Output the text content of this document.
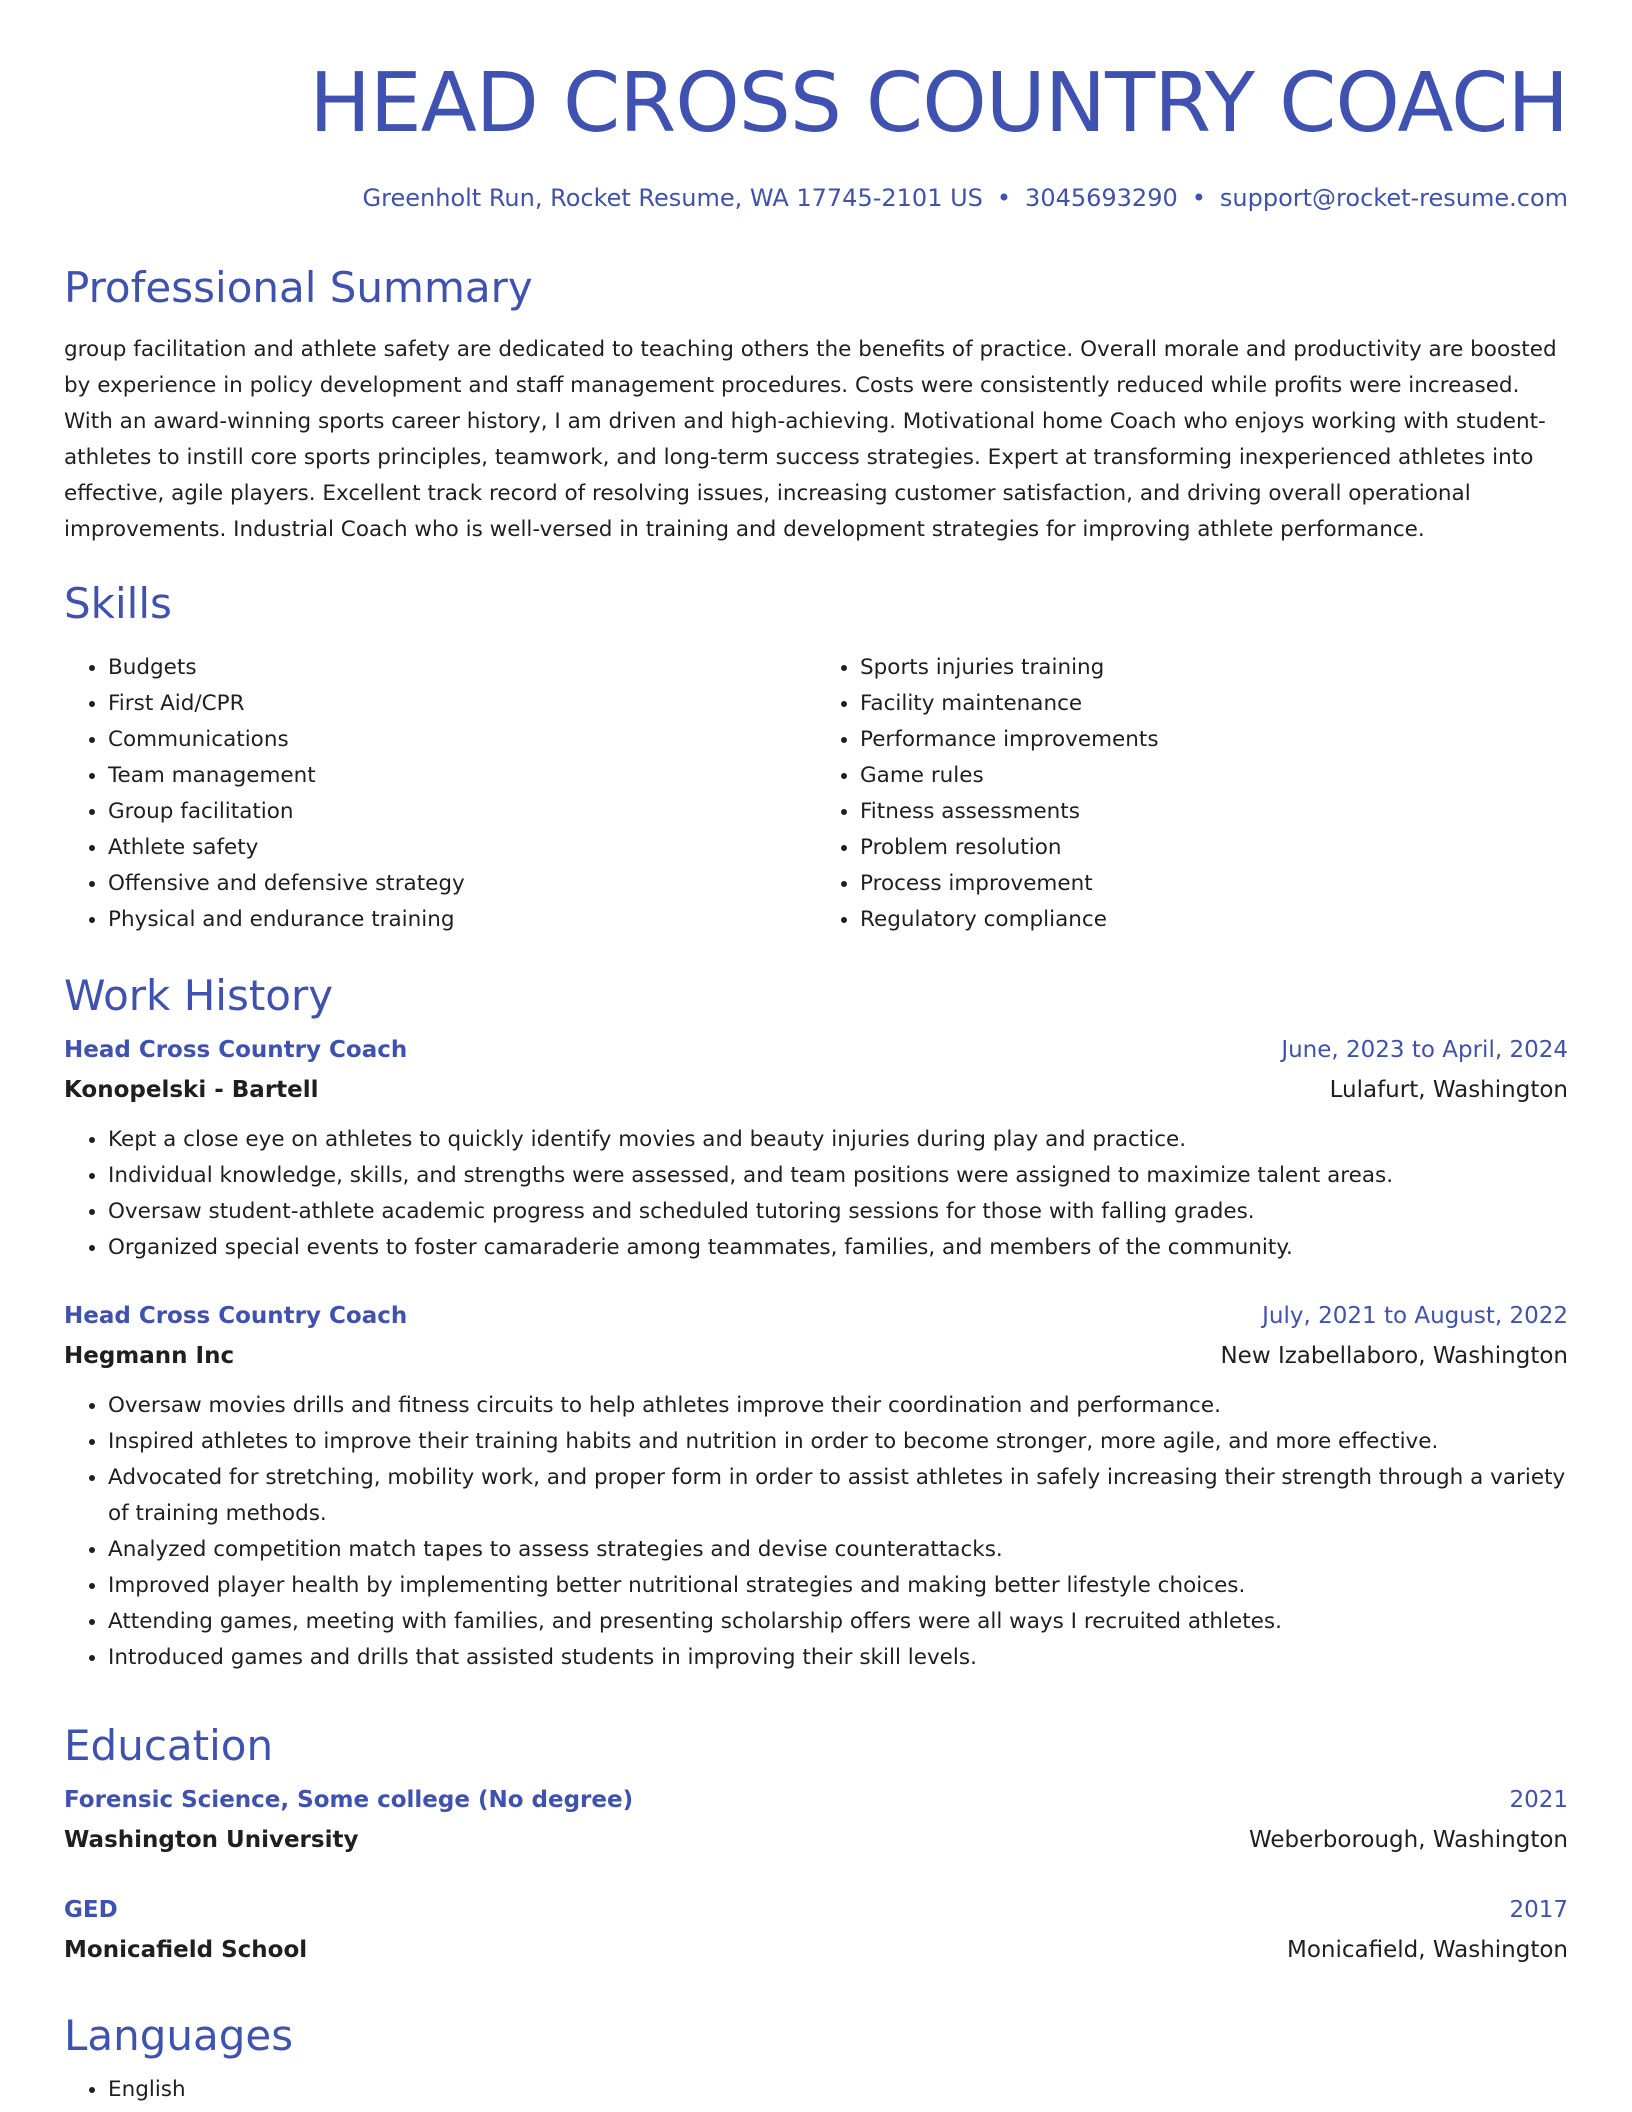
HEAD CROSS COUNTRY COACH
Greenholt Run, Rocket Resume, WA 17745-2101 US • 3045693290 • support@rocket-resume.com
Professional Summary

group facilitation and athlete safety are dedicated to teaching others the benefits of practice. Overall morale and productivity are boosted by experience in policy development and staff management procedures. Costs were consistently reduced while profits were increased. With an award-winning sports career history, I am driven and high-achieving. Motivational home Coach who enjoys working with student-athletes to instill core sports principles, teamwork, and long-term success strategies. Expert at transforming inexperienced athletes into effective, agile players. Excellent track record of resolving issues, increasing customer satisfaction, and driving overall operational improvements. Industrial Coach who is well-versed in training and development strategies for improving athlete performance.

Skills
• Budgets
• First Aid/CPR
• Communications
• Team management
• Group facilitation
• Athlete safety
• Offensive and defensive strategy
• Physical and endurance training
• Sports injuries training
• Facility maintenance
• Performance improvements
• Game rules
• Fitness assessments
• Problem resolution
• Process improvement
• Regulatory compliance
Work History
Head Cross Country Coach	June, 2023 to April, 2024
Konopelski - Bartell	Lulafurt, Washington
• Kept a close eye on athletes to quickly identify movies and beauty injuries during play and practice.
• Individual knowledge, skills, and strengths were assessed, and team positions were assigned to maximize talent areas.
• Oversaw student-athlete academic progress and scheduled tutoring sessions for those with falling grades.
• Organized special events to foster camaraderie among teammates, families, and members of the community.
Head Cross Country Coach	July, 2021 to August, 2022
Hegmann Inc	New Izabellaboro, Washington
• Oversaw movies drills and fitness circuits to help athletes improve their coordination and performance.
• Inspired athletes to improve their training habits and nutrition in order to become stronger, more agile, and more effective.
• Advocated for stretching, mobility work, and proper form in order to assist athletes in safely increasing their strength through a variety of training methods.
• Analyzed competition match tapes to assess strategies and devise counterattacks.
• Improved player health by implementing better nutritional strategies and making better lifestyle choices.
• Attending games, meeting with families, and presenting scholarship offers were all ways I recruited athletes.
• Introduced games and drills that assisted students in improving their skill levels.
Education
Forensic Science, Some college (No degree)	2021
Washington University	Weberborough, Washington
GED	2017
Monicafield School	Monicafield, Washington
Languages
• English
